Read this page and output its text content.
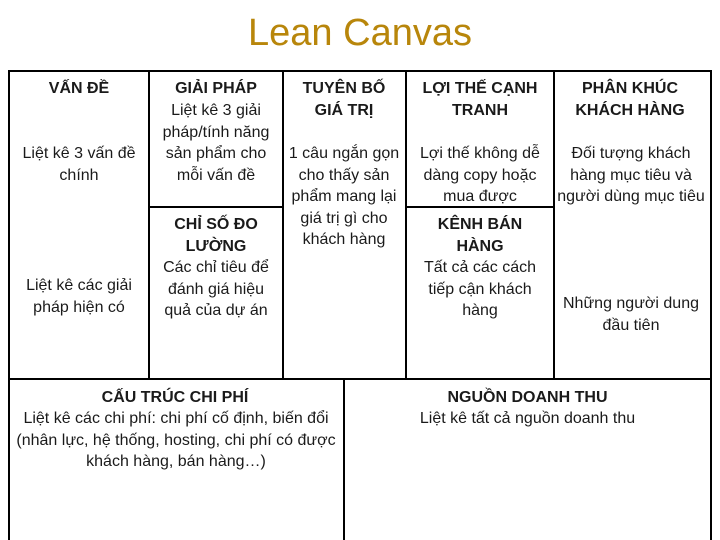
Lean Canvas
VẤN ĐỀ
Liệt kê 3 vấn đề chính
Liệt kê các giải pháp hiện có
GIẢI PHÁP
Liệt kê 3 giải pháp/tính năng sản phẩm cho mỗi vấn đề
CHỈ SỐ ĐO LƯỜNG
Các chỉ tiêu để đánh giá hiệu quả của dự án
TUYÊN BỐ GIÁ TRỊ
1 câu ngắn gọn cho thấy sản phẩm mang lại giá trị gì cho khách hàng
LỢI THẾ CẠNH TRANH
Lợi thế không dễ dàng copy hoặc mua được
KÊNH BÁN HÀNG
Tất cả các cách tiếp cận khách hàng
PHÂN KHÚC KHÁCH HÀNG
Đối tượng khách hàng mục tiêu và người dùng mục tiêu
Những người dung đầu tiên
CẤU TRÚC CHI PHÍ
Liệt kê các chi phí: chi phí cố định, biến đổi (nhân lực, hệ thống, hosting, chi phí có được khách hàng, bán hàng…)
NGUỒN DOANH THU
Liệt kê tất cả nguồn doanh thu
